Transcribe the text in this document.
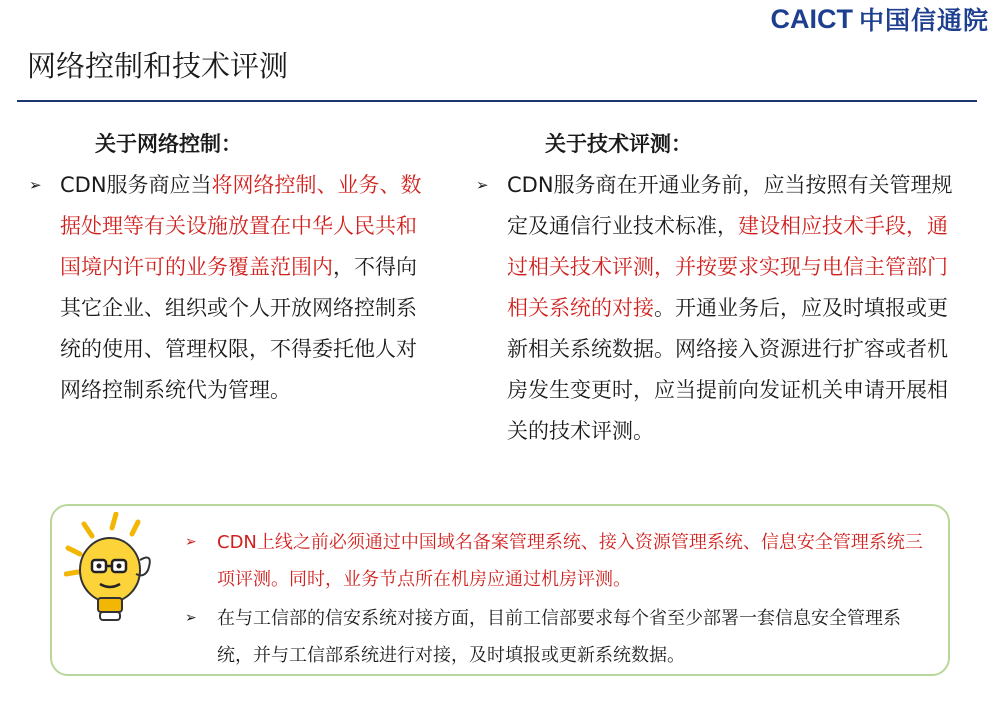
CAICT 中国信通院
网络控制和技术评测
关于网络控制：
➢ CDN服务商应当将网络控制、业务、数据处理等有关设施放置在中华人民共和国境内许可的业务覆盖范围内，不得向其它企业、组织或个人开放网络控制系统的使用、管理权限，不得委托他人对网络控制系统代为管理。
关于技术评测：
➢ CDN服务商在开通业务前，应当按照有关管理规定及通信行业技术标准，建设相应技术手段，通过相关技术评测，并按要求实现与电信主管部门相关系统的对接。开通业务后，应及时填报或更新相关系统数据。网络接入资源进行扩容或者机房发生变更时，应当提前向发证机关申请开展相关的技术评测。
➢	CDN上线之前必须通过中国域名备案管理系统、接入资源管理系统、信息安全管理系统三项评测。同时，业务节点所在机房应通过机房评测。
➢	在与工信部的信安系统对接方面，目前工信部要求每个省至少部署一套信息安全管理系统，并与工信部系统进行对接，及时填报或更新系统数据。
